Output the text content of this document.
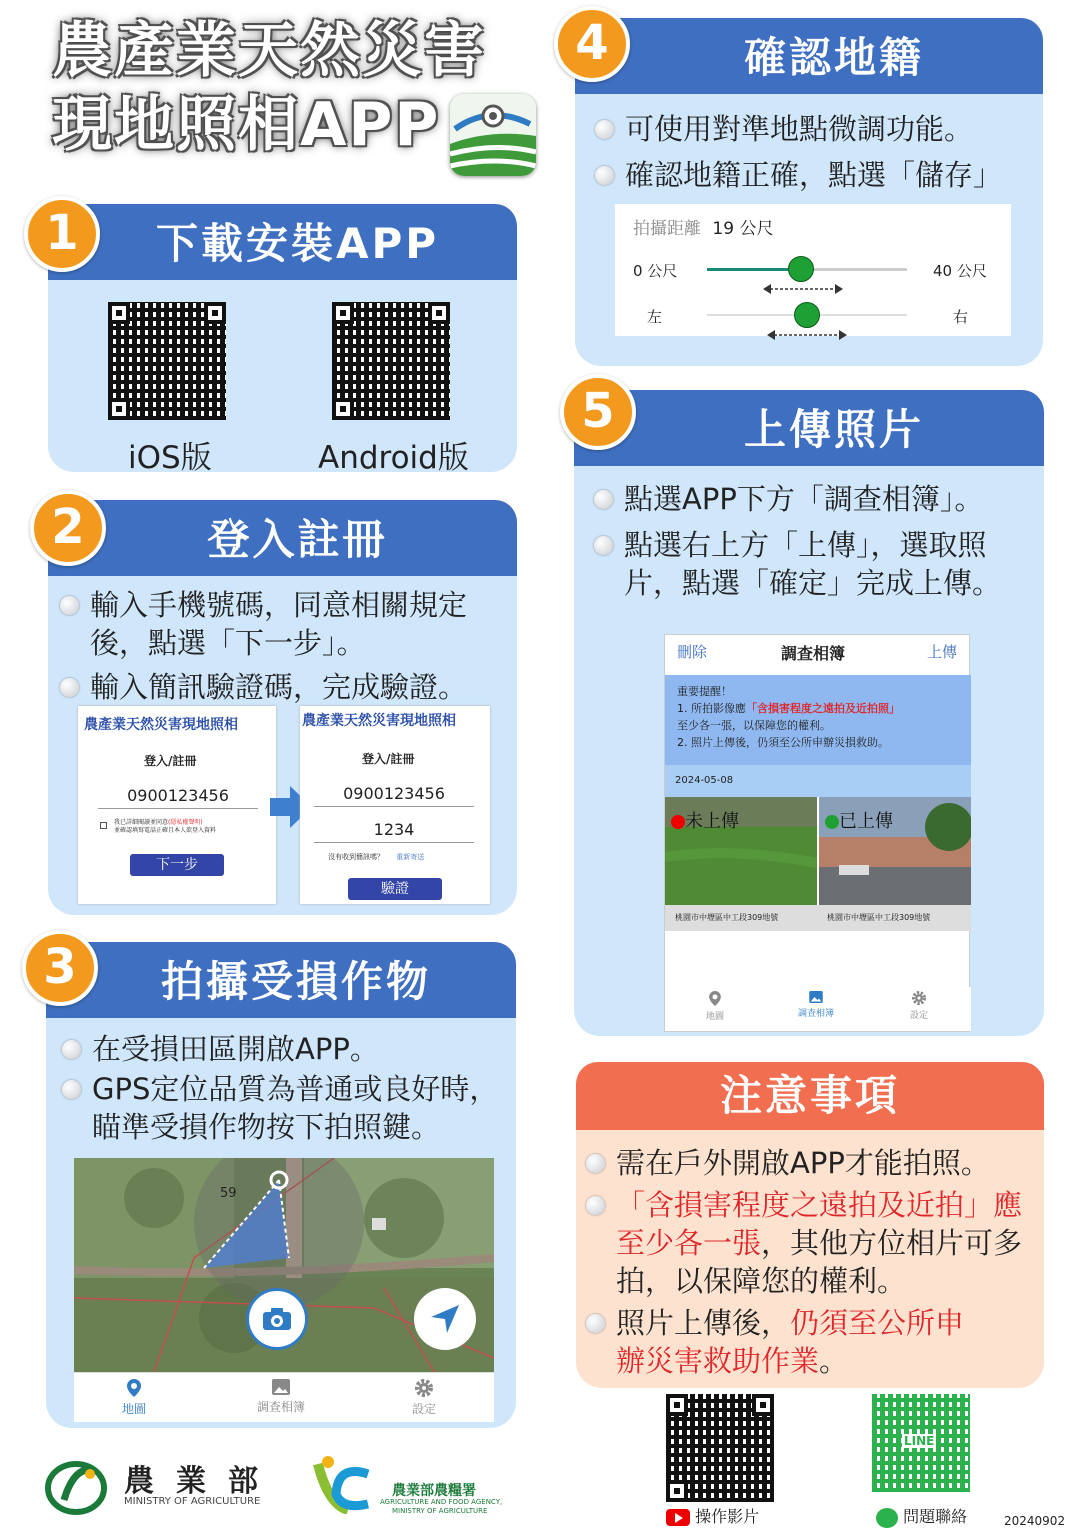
農產業天然災害
現地照相APP
下載安裝APP
iOS版	Android版
1
登入註冊
輸入手機號碼，同意相關規定後，點選「下一步」。
輸入簡訊驗證碼，完成驗證。
農產業天然災害現地照相
登入/註冊
0900123456
我已詳細閱讀並同意(隱私權聲明)
並確認填寫電話正確且本人欲登入資料
下一步
農產業天然災害現地照相
登入/註冊
0900123456
1234
沒有收到簡訊嗎？ 重新寄送
驗證
2
拍攝受損作物
在受損田區開啟APP。
GPS定位品質為普通或良好時，瞄準受損作物按下拍照鍵。
59
地圖	調查相簿	設定
3
確認地籍
可使用對準地點微調功能。
確認地籍正確，點選「儲存」
拍攝距離 19 公尺
0 公尺	40 公尺
左	右
4
上傳照片
點選APP下方「調查相簿」。
點選右上方「上傳」，選取照片，點選「確定」完成上傳。
刪除	調查相簿	上傳
重要提醒！
1. 所拍影像應「含損害程度之遠拍及近拍照」
至少各一張，以保障您的權利。
2. 照片上傳後，仍須至公所申辦災損救助。
2024-05-08
未上傳	已上傳
桃園市中壢區中工段309地號	桃園市中壢區中工段309地號
地圖	調查相簿	設定
5
注意事項
需在戶外開啟APP才能拍照。
「含損害程度之遠拍及近拍」應至少各一張，其他方位相片可多拍，以保障您的權利。
照片上傳後，仍須至公所申辦災害救助作業。
農業部
MINISTRY OF AGRICULTURE
農業部農糧署
AGRICULTURE AND FOOD AGENCY,
MINISTRY OF AGRICULTURE	操作影片
LINE
問題聯絡	20240902
